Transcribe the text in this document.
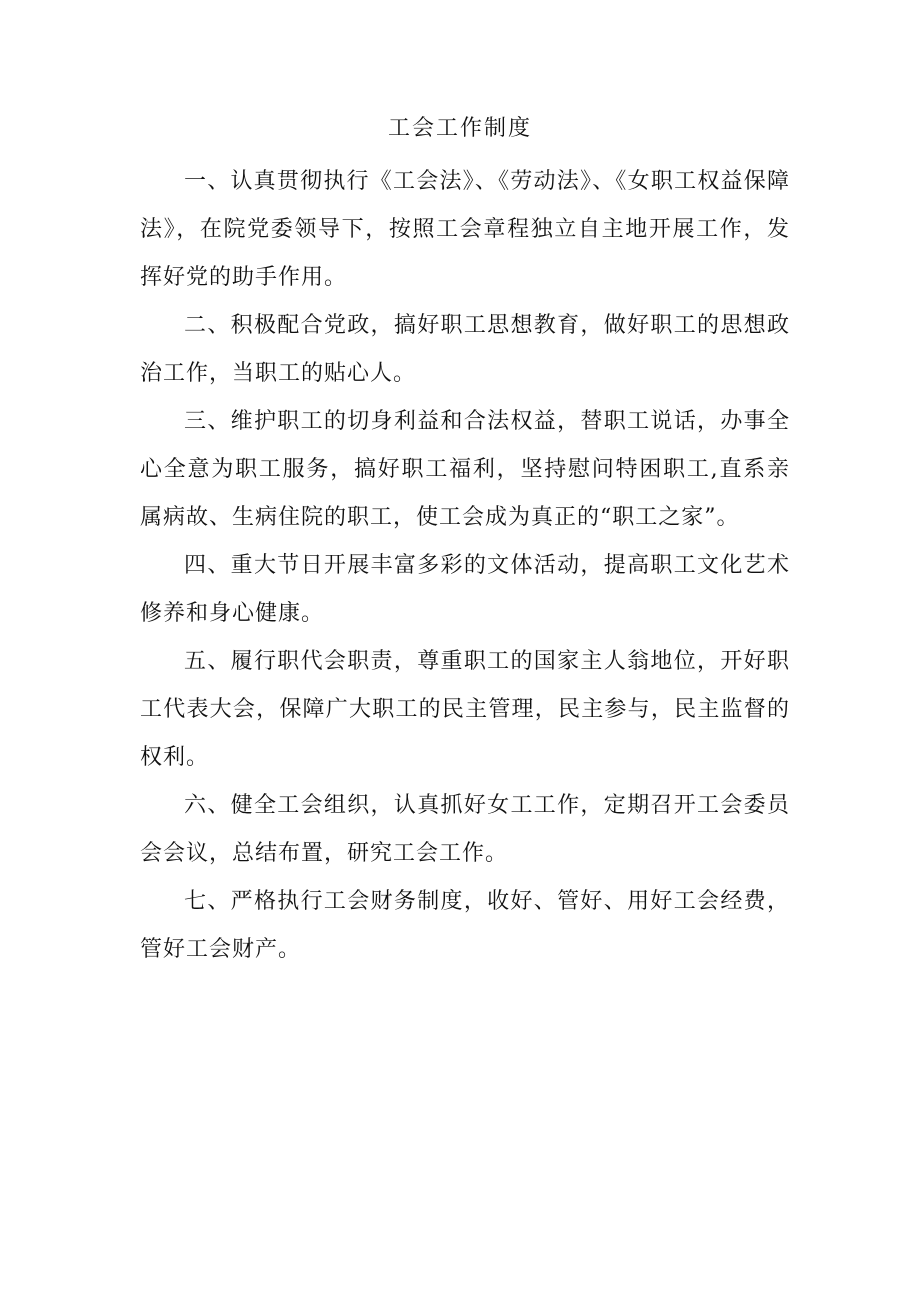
工会工作制度

一、认真贯彻执行《工会法》、《劳动法》、《女职工权益保障法》，在院党委领导下，按照工会章程独立自主地开展工作，发挥好党的助手作用。

二、积极配合党政，搞好职工思想教育，做好职工的思想政治工作，当职工的贴心人。

三、维护职工的切身利益和合法权益，替职工说话，办事全心全意为职工服务，搞好职工福利，坚持慰问特困职工,直系亲属病故、生病住院的职工，使工会成为真正的“职工之家”。

四、重大节日开展丰富多彩的文体活动，提高职工文化艺术修养和身心健康。

五、履行职代会职责，尊重职工的国家主人翁地位，开好职工代表大会，保障广大职工的民主管理，民主参与，民主监督的权利。

六、健全工会组织，认真抓好女工工作，定期召开工会委员会会议，总结布置，研究工会工作。

七、严格执行工会财务制度，收好、管好、用好工会经费，管好工会财产。
